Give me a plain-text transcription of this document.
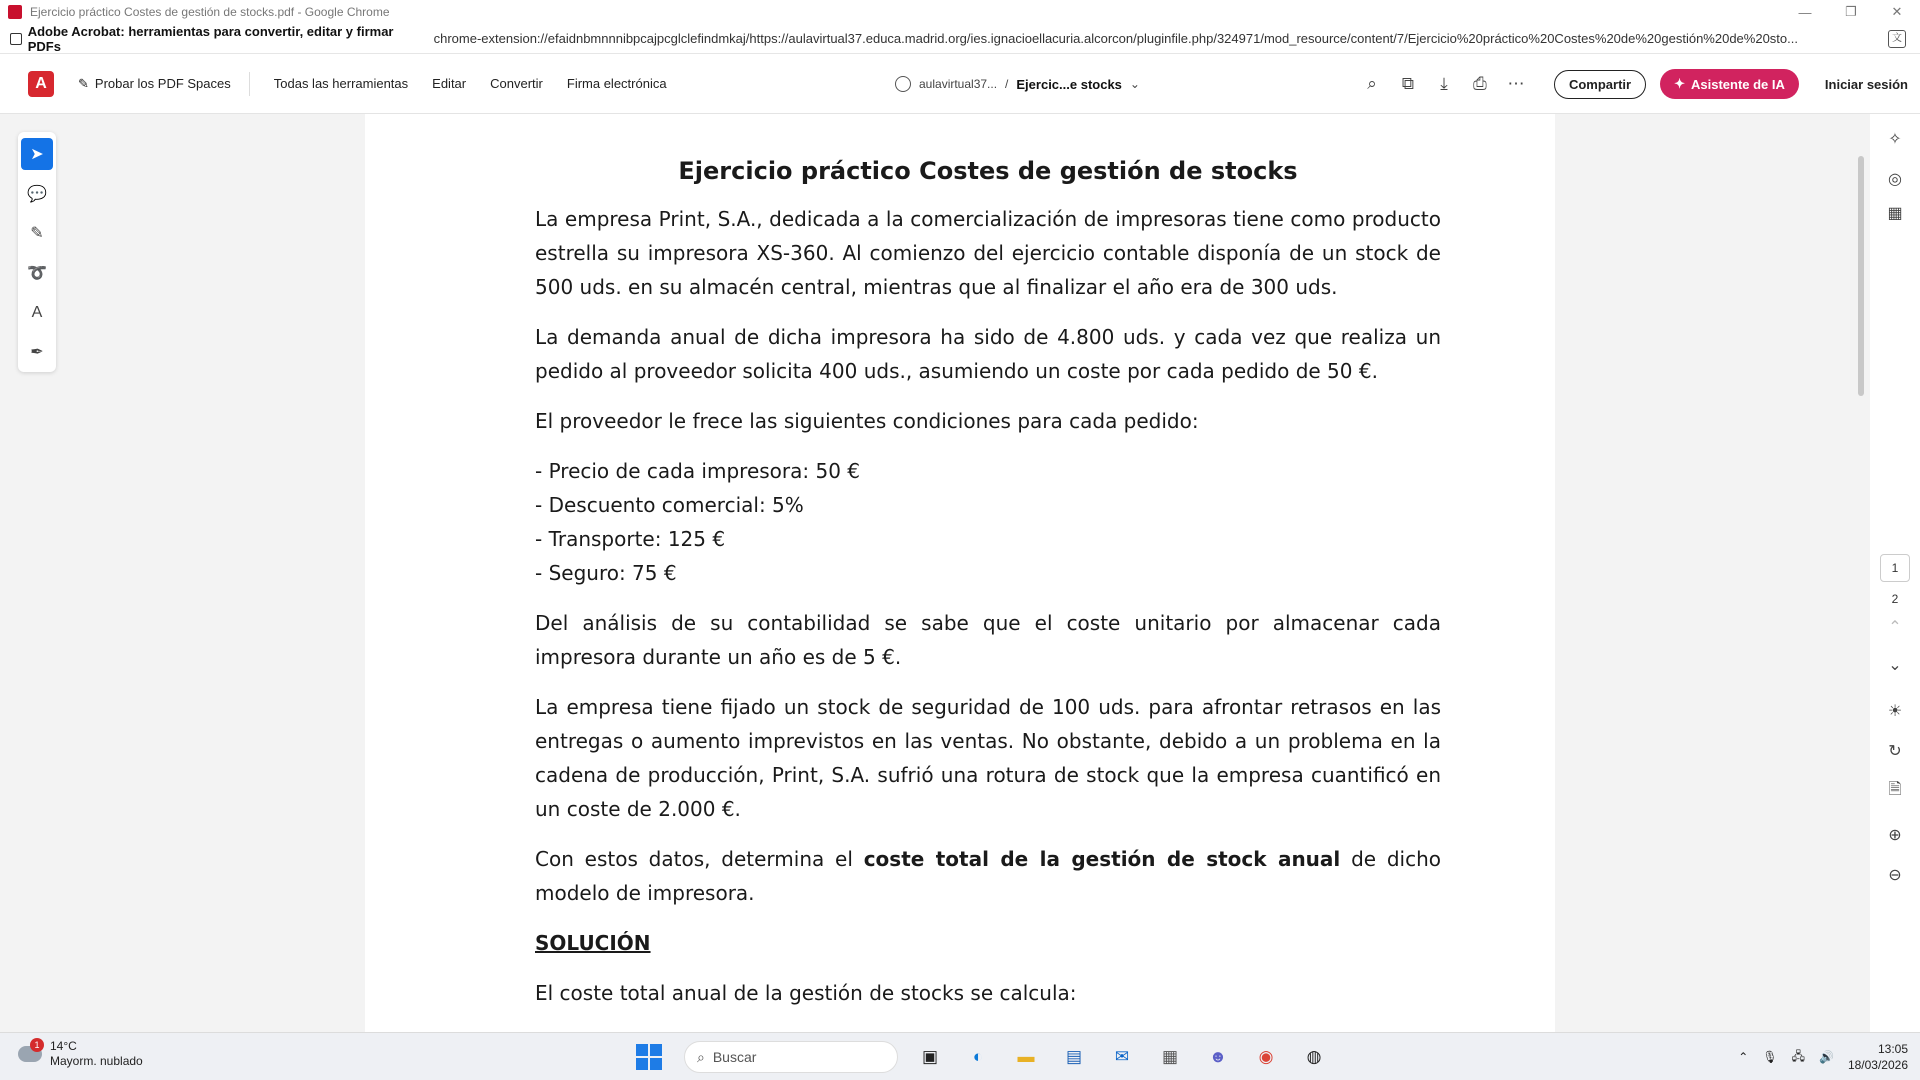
Ejercicio práctico Costes de gestión de stocks.pdf - Google Chrome	—	❐	✕
Adobe Acrobat: herramientas para convertir, editar y firmar PDFs	chrome-extension://efaidnbmnnnibpcajpcglclefindmkaj/https://aulavirtual37.educa.madrid.org/ies.ignacioellacuria.alcorcon/pluginfile.php/324971/mod_resource/content/7/Ejercicio%20práctico%20Costes%20de%20gestión%20de%20sto...	文
A	✎ Probar los PDF Spaces	Todas las herramientas Editar Convertir Firma electrónica	aulavirtual37... / Ejercic...e stocks ⌄	⌕	⧉	⤓	⎙	⋯	Compartir	✦ Asistente de IA	Iniciar sesión
Ejercicio práctico Costes de gestión de stocks
La empresa Print, S.A., dedicada a la comercialización de impresoras tiene como producto estrella su impresora XS-360. Al comienzo del ejercicio contable disponía de un stock de 500 uds. en su almacén central, mientras que al finalizar el año era de 300 uds.
La demanda anual de dicha impresora ha sido de 4.800 uds. y cada vez que realiza un pedido al proveedor solicita 400 uds., asumiendo un coste por cada pedido de 50 €.
El proveedor le frece las siguientes condiciones para cada pedido:
- Precio de cada impresora: 50 €
- Descuento comercial: 5%
- Transporte: 125 €
- Seguro: 75 €
Del análisis de su contabilidad se sabe que el coste unitario por almacenar cada impresora durante un año es de 5 €.
La empresa tiene fijado un stock de seguridad de 100 uds. para afrontar retrasos en las entregas o aumento imprevistos en las ventas. No obstante, debido a un problema en la cadena de producción, Print, S.A. sufrió una rotura de stock que la empresa cuantificó en un coste de 2.000 €.
Con estos datos, determina el coste total de la gestión de stock anual de dicho modelo de impresora.
SOLUCIÓN
El coste total anual de la gestión de stocks se calcula:
➤
💬
✎
➰
A
✒
✧
◎
▦
1
2
⌃
⌄
☀
↻
🗎
⊕
⊖
1 14°C
Mayorm. nublado	⌕ Buscar	▣	◐	▬	▤	✉	▦	☻	◉	◍	⌃ 🎙 🖧 🔊
13:05
18/03/2026
